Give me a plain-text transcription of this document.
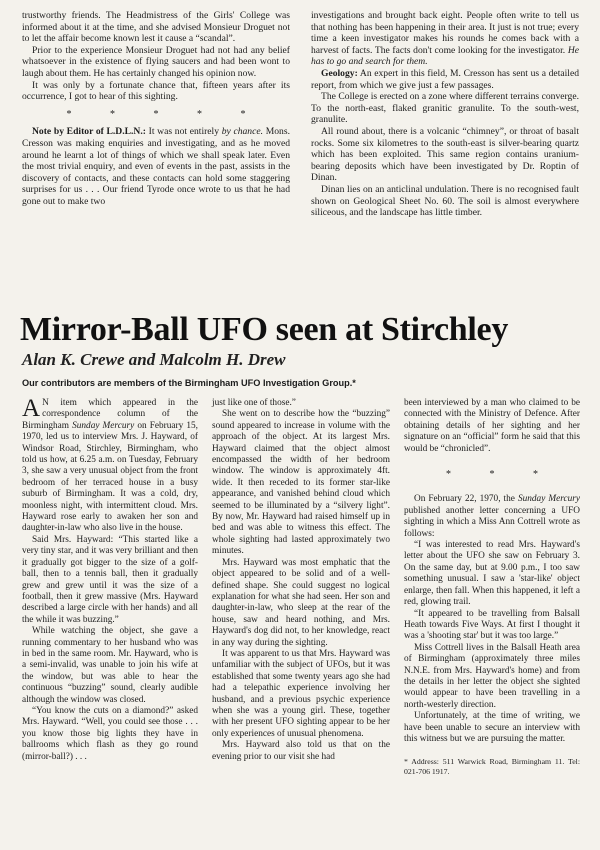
trustworthy friends. The Headmistress of the Girls' College was informed about it at the time, and she advised Monsieur Droguet not to let the affair become known lest it cause a “scandal”.

Prior to the experience Monsieur Droguet had not had any belief whatsoever in the existence of flying saucers and had been wont to laugh about them. He has certainly changed his opinion now.

It was only by a fortunate chance that, fifteen years after its occurrence, I got to hear of this sighting.

* * * * *

Note by Editor of L.D.L.N.: It was not entirely by chance. Mons. Cresson was making enquiries and investigating, and as he moved around he learnt a lot of things of which we shall speak later. Even the most trivial enquiry, and even of events in the past, assists in the discovery of contacts, and these contacts can hold some staggering surprises for us . . . Our friend Tyrode once wrote to us that he had gone out to make two

investigations and brought back eight. People often write to tell us that nothing has been happening in their area. It just is not true; every time a keen investigator makes his rounds he comes back with a harvest of facts. The facts don't come looking for the investigator. He has to go and search for them.

Geology: An expert in this field, M. Cresson has sent us a detailed report, from which we give just a few passages.

The College is erected on a zone where different terrains converge. To the north-east, flaked granitic granulite. To the south-west, granulite.

All round about, there is a volcanic “chimney”, or throat of basalt rocks. Some six kilometres to the south-east is silver-bearing quartz which has been exploited. This same region contains uranium-bearing deposits which have been investigated by Dr. Roptin of Dinan.

Dinan lies on an anticlinal undulation. There is no recognised fault shown on Geological Sheet No. 60. The soil is almost everywhere siliceous, and the landscape has little timber.

Mirror-Ball UFO seen at Stirchley
Alan K. Crewe and Malcolm H. Drew
Our contributors are members of the Birmingham UFO Investigation Group.*

A N item which appeared in the correspondence column of the Birmingham Sunday Mercury on February 15, 1970, led us to interview Mrs. J. Hayward, of Windsor Road, Stirchley, Birmingham, who told us how, at 6.25 a.m. on Tuesday, February 3, she saw a very unusual object from the front bedroom of her terraced house in a busy suburb of Birmingham. It was a cold, dry, moonless night, with intermittent cloud. Mrs. Hayward rose early to awaken her son and daughter-in-law who also live in the house.

Said Mrs. Hayward: “This started like a very tiny star, and it was very brilliant and then it gradually got bigger to the size of a golf-ball, then to a tennis ball, then it gradually grew and grew until it was the size of a football, then it grew massive (Mrs. Hayward described a large circle with her hands) and all the while it was buzzing.”

While watching the object, she gave a running commentary to her husband who was in bed in the same room. Mr. Hayward, who is a semi-invalid, was unable to join his wife at the window, but was able to hear the continuous “buzzing” sound, clearly audible although the window was closed.

“You know the cuts on a diamond?” asked Mrs. Hayward. “Well, you could see those . . . you know those big lights they have in ballrooms which flash as they go round (mirror-ball?) . . .

just like one of those.”

She went on to describe how the “buzzing” sound appeared to increase in volume with the approach of the object. At its largest Mrs. Hayward claimed that the object almost encompassed the width of her bedroom window. The window is approximately 4ft. wide. It then receded to its former star-like appearance, and vanished behind cloud which seemed to be illuminated by a “silvery light”. By now, Mr. Hayward had raised himself up in bed and was able to witness this effect. The whole sighting had lasted approximately two minutes.

Mrs. Hayward was most emphatic that the object appeared to be solid and of a well-defined shape. She could suggest no logical explanation for what she had seen. Her son and daughter-in-law, who sleep at the rear of the house, saw and heard nothing, and Mrs. Hayward's dog did not, to her knowledge, react in any way during the sighting.

It was apparent to us that Mrs. Hayward was unfamiliar with the subject of UFOs, but it was established that some twenty years ago she had had a telepathic experience involving her husband, and a previous psychic experience when she was a young girl. These, together with her present UFO sighting appear to be her only experiences of unusual phenomena.

Mrs. Hayward also told us that on the evening prior to our visit she had

been interviewed by a man who claimed to be connected with the Ministry of Defence. After obtaining details of her sighting and her signature on an “official” form he said that this would be “chronicled”.

* * *

On February 22, 1970, the Sunday Mercury published another letter concerning a UFO sighting in which a Miss Ann Cottrell wrote as follows:

“I was interested to read Mrs. Hayward's letter about the UFO she saw on February 3. On the same day, but at 9.00 p.m., I too saw something unusual. I saw a 'star-like' object enlarge, then fall. When this happened, it left a red, glowing trail.

“It appeared to be travelling from Balsall Heath towards Five Ways. At first I thought it was a 'shooting star' but it was too large.”

Miss Cottrell lives in the Balsall Heath area of Birmingham (approximately three miles N.N.E. from Mrs. Hayward's home) and from the details in her letter the object she sighted would appear to have been travelling in a north-westerly direction.

Unfortunately, at the time of writing, we have been unable to secure an interview with this witness but we are pursuing the matter.

* Address: 511 Warwick Road, Birmingham 11. Tel: 021-706 1917.
